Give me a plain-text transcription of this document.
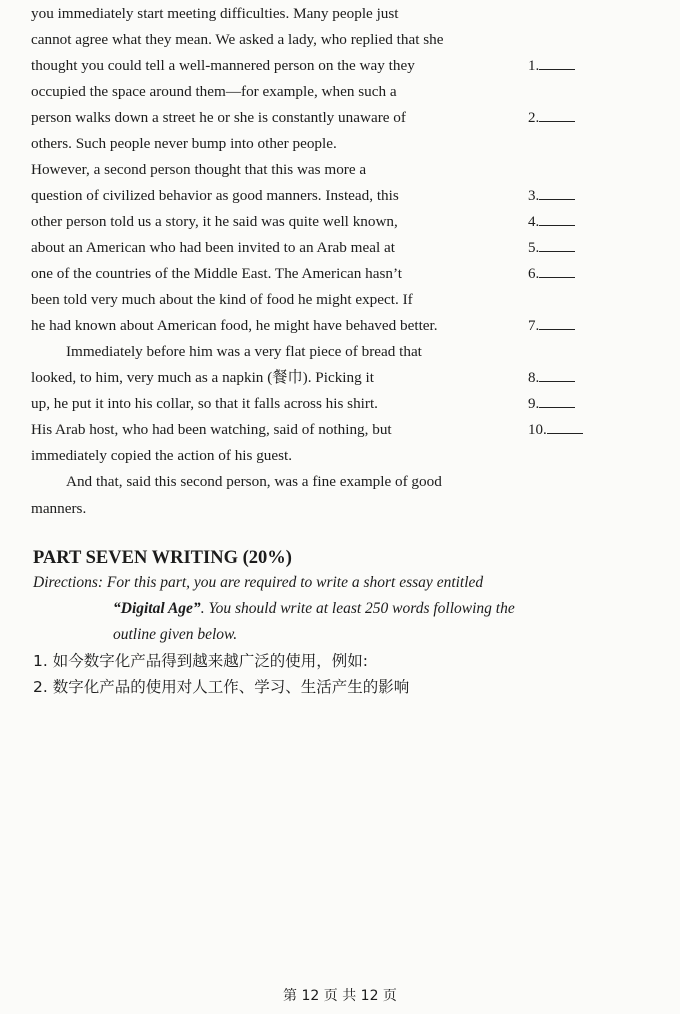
you immediately start meeting difficulties. Many people just
cannot agree what they mean. We asked a lady, who replied that she
thought you could tell a well-mannered person on the way they
occupied the space around them—for example, when such a
person walks down a street he or she is constantly unaware of
others. Such people never bump into other people.
However, a second person thought that this was more a
question of civilized behavior as good manners. Instead, this
other person told us a story, it he said was quite well known,
about an American who had been invited to an Arab meal at
one of the countries of the Middle East. The American hasn’t
been told very much about the kind of food he might expect. If
he had known about American food, he might have behaved better.
Immediately before him was a very flat piece of bread that
looked, to him, very much as a napkin (餐巾). Picking it
up, he put it into his collar, so that it falls across his shirt.
His Arab host, who had been watching, said of nothing, but
immediately copied the action of his guest.
And that, said this second person, was a fine example of good
manners.
1.
2.
3.
4.
5.
6.
7.
8.
9.
10.
PART SEVEN WRITING (20%)
Directions: For this part, you are required to write a short essay entitled
“Digital Age”. You should write at least 250 words following the
outline given below.
1. 如今数字化产品得到越来越广泛的使用，例如:
2. 数字化产品的使用对人工作、学习、生活产生的影响
第 12 页 共 12 页
